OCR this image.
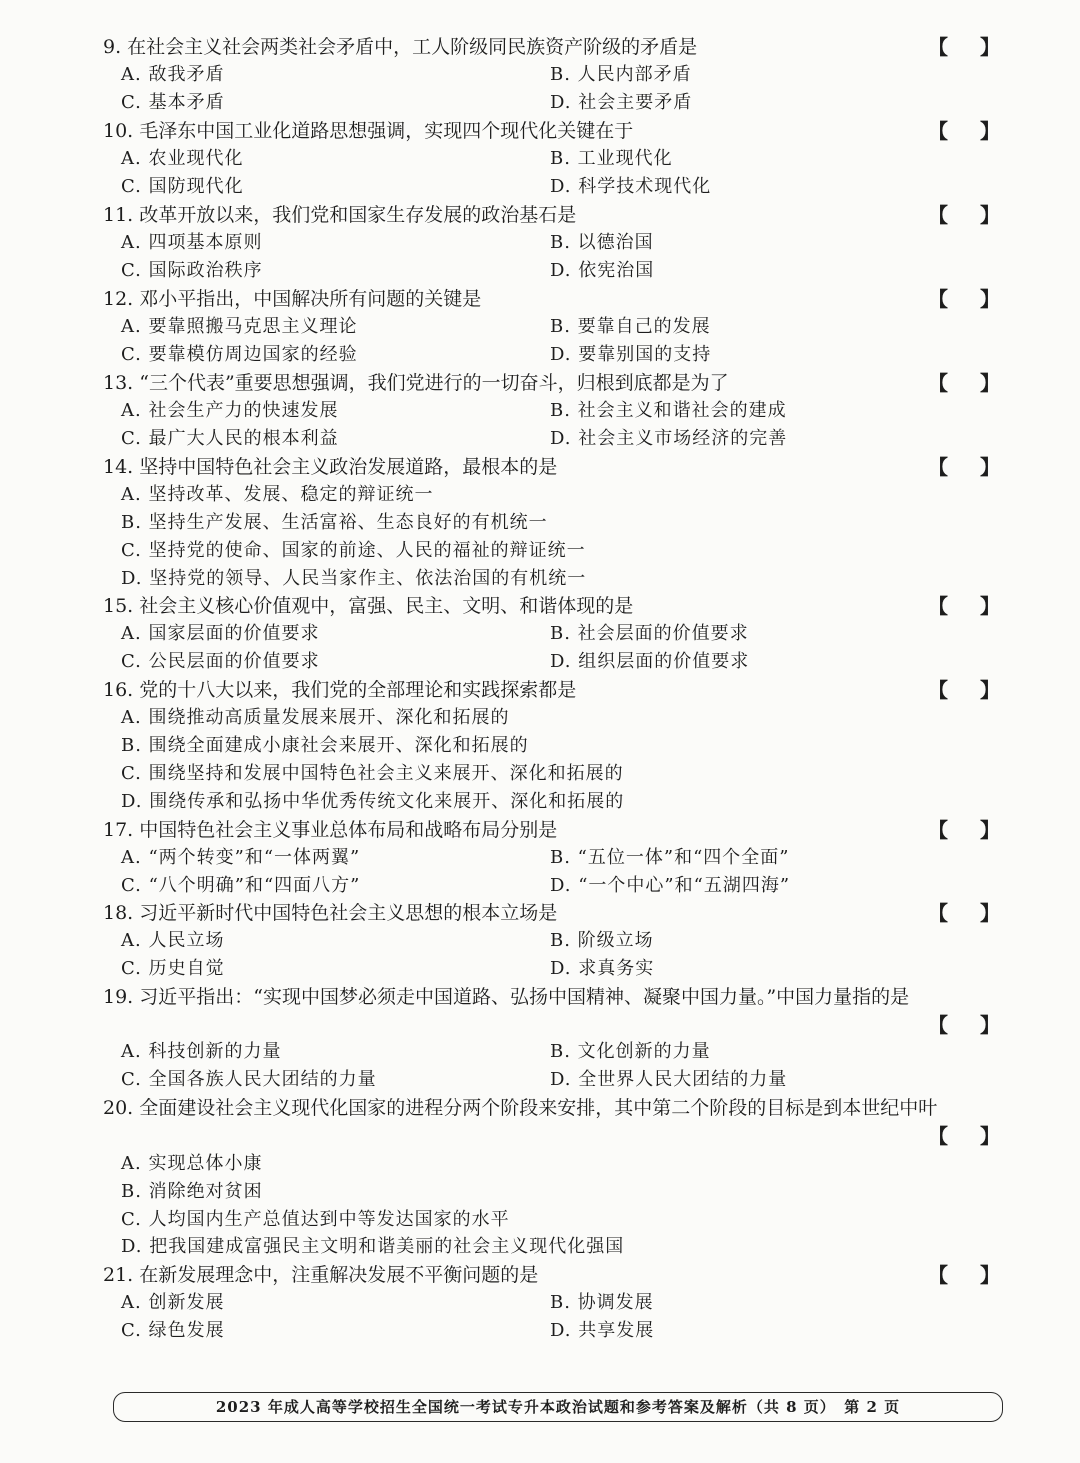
9. 在社会主义社会两类社会矛盾中，工人阶级同民族资产阶级的矛盾是	【 】
A. 敌我矛盾	B. 人民内部矛盾
C. 基本矛盾	D. 社会主要矛盾
10. 毛泽东中国工业化道路思想强调，实现四个现代化关键在于	【 】
A. 农业现代化	B. 工业现代化
C. 国防现代化	D. 科学技术现代化
11. 改革开放以来，我们党和国家生存发展的政治基石是	【 】
A. 四项基本原则	B. 以德治国
C. 国际政治秩序	D. 依宪治国
12. 邓小平指出，中国解决所有问题的关键是	【 】
A. 要靠照搬马克思主义理论	B. 要靠自己的发展
C. 要靠模仿周边国家的经验	D. 要靠别国的支持
13. “三个代表”重要思想强调，我们党进行的一切奋斗，归根到底都是为了	【 】
A. 社会生产力的快速发展	B. 社会主义和谐社会的建成
C. 最广大人民的根本利益	D. 社会主义市场经济的完善
14. 坚持中国特色社会主义政治发展道路，最根本的是	【 】
A. 坚持改革、发展、稳定的辩证统一
B. 坚持生产发展、生活富裕、生态良好的有机统一
C. 坚持党的使命、国家的前途、人民的福祉的辩证统一
D. 坚持党的领导、人民当家作主、依法治国的有机统一
15. 社会主义核心价值观中，富强、民主、文明、和谐体现的是	【 】
A. 国家层面的价值要求	B. 社会层面的价值要求
C. 公民层面的价值要求	D. 组织层面的价值要求
16. 党的十八大以来，我们党的全部理论和实践探索都是	【 】
A. 围绕推动高质量发展来展开、深化和拓展的
B. 围绕全面建成小康社会来展开、深化和拓展的
C. 围绕坚持和发展中国特色社会主义来展开、深化和拓展的
D. 围绕传承和弘扬中华优秀传统文化来展开、深化和拓展的
17. 中国特色社会主义事业总体布局和战略布局分别是	【 】
A. “两个转变”和“一体两翼”	B. “五位一体”和“四个全面”
C. “八个明确”和“四面八方”	D. “一个中心”和“五湖四海”
18. 习近平新时代中国特色社会主义思想的根本立场是	【 】
A. 人民立场	B. 阶级立场
C. 历史自觉	D. 求真务实
19. 习近平指出：“实现中国梦必须走中国道路、弘扬中国精神、凝聚中国力量。”中国力量指的是
【 】
A. 科技创新的力量	B. 文化创新的力量
C. 全国各族人民大团结的力量	D. 全世界人民大团结的力量
20. 全面建设社会主义现代化国家的进程分两个阶段来安排，其中第二个阶段的目标是到本世纪中叶
【 】
A. 实现总体小康
B. 消除绝对贫困
C. 人均国内生产总值达到中等发达国家的水平
D. 把我国建成富强民主文明和谐美丽的社会主义现代化强国
21. 在新发展理念中，注重解决发展不平衡问题的是	【 】
A. 创新发展	B. 协调发展
C. 绿色发展	D. 共享发展
2023 年成人高等学校招生全国统一考试专升本政治试题和参考答案及解析（共 8 页）　第 2 页
